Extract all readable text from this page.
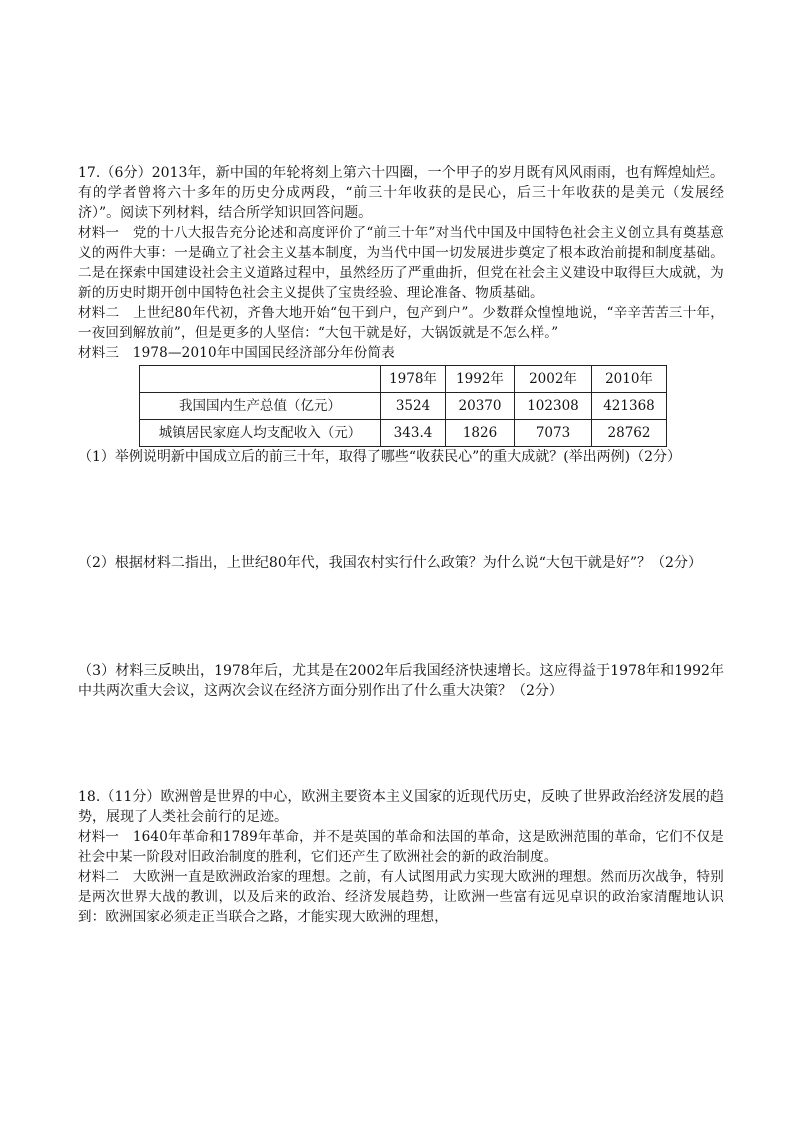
17.（6分）2013年，新中国的年轮将刻上第六十四圈，一个甲子的岁月既有风风雨雨，也有辉煌灿烂。有的学者曾将六十多年的历史分成两段，“前三十年收获的是民心，后三十年收获的是美元（发展经济）”。阅读下列材料，结合所学知识回答问题。

材料一　党的十八大报告充分论述和高度评价了“前三十年”对当代中国及中国特色社会主义创立具有奠基意义的两件大事：一是确立了社会主义基本制度，为当代中国一切发展进步奠定了根本政治前提和制度基础。二是在探索中国建设社会主义道路过程中，虽然经历了严重曲折，但党在社会主义建设中取得巨大成就，为新的历史时期开创中国特色社会主义提供了宝贵经验、理论准备、物质基础。

材料二　上世纪80年代初，齐鲁大地开始“包干到户，包产到户”。少数群众惶惶地说，“辛辛苦苦三十年，一夜回到解放前”，但是更多的人坚信：“大包干就是好，大锅饭就是不怎么样。”

材料三　1978—2010年中国国民经济部分年份简表

	1978年	1992年	2002年	2010年
我国国内生产总值（亿元）	3524	20370	102308	421368
城镇居民家庭人均支配收入（元）	343.4	1826	7073	28762

（1）举例说明新中国成立后的前三十年，取得了哪些“收获民心”的重大成就？(举出两例)（2分）

（2）根据材料二指出，上世纪80年代，我国农村实行什么政策？为什么说“大包干就是好”？（2分）

（3）材料三反映出，1978年后，尤其是在2002年后我国经济快速增长。这应得益于1978年和1992年中共两次重大会议，这两次会议在经济方面分别作出了什么重大决策？（2分）

18.（11分）欧洲曾是世界的中心，欧洲主要资本主义国家的近现代历史，反映了世界政治经济发展的趋势，展现了人类社会前行的足迹。

材料一　1640年革命和1789年革命，并不是英国的革命和法国的革命，这是欧洲范围的革命，它们不仅是社会中某一阶段对旧政治制度的胜利，它们还产生了欧洲社会的新的政治制度。

材料二　大欧洲一直是欧洲政治家的理想。之前，有人试图用武力实现大欧洲的理想。然而历次战争，特别是两次世界大战的教训，以及后来的政治、经济发展趋势，让欧洲一些富有远见卓识的政治家清醒地认识到：欧洲国家必须走正当联合之路，才能实现大欧洲的理想，
